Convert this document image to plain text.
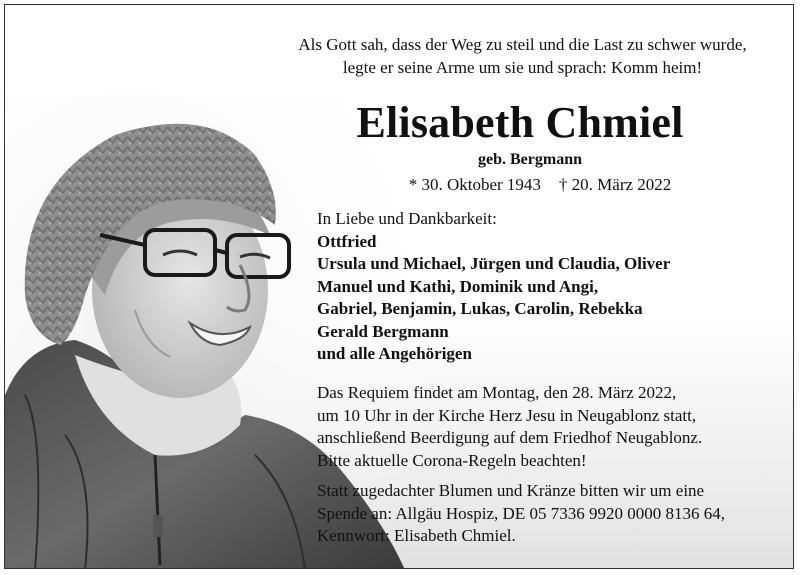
Als Gott sah, dass der Weg zu steil und die Last zu schwer wurde,
legte er seine Arme um sie und sprach: Komm heim!
Elisabeth Chmiel
geb. Bergmann
* 30. Oktober 1943 † 20. März 2022
In Liebe und Dankbarkeit:
Ottfried
Ursula und Michael, Jürgen und Claudia, Oliver
Manuel und Kathi, Dominik und Angi,
Gabriel, Benjamin, Lukas, Carolin, Rebekka
Gerald Bergmann
und alle Angehörigen
Das Requiem findet am Montag, den 28. März 2022,
um 10 Uhr in der Kirche Herz Jesu in Neugablonz statt,
anschließend Beerdigung auf dem Friedhof Neugablonz.
Bitte aktuelle Corona-Regeln beachten!
Statt zugedachter Blumen und Kränze bitten wir um eine
Spende an: Allgäu Hospiz, DE 05 7336 9920 0000 8136 64,
Kennwort: Elisabeth Chmiel.
